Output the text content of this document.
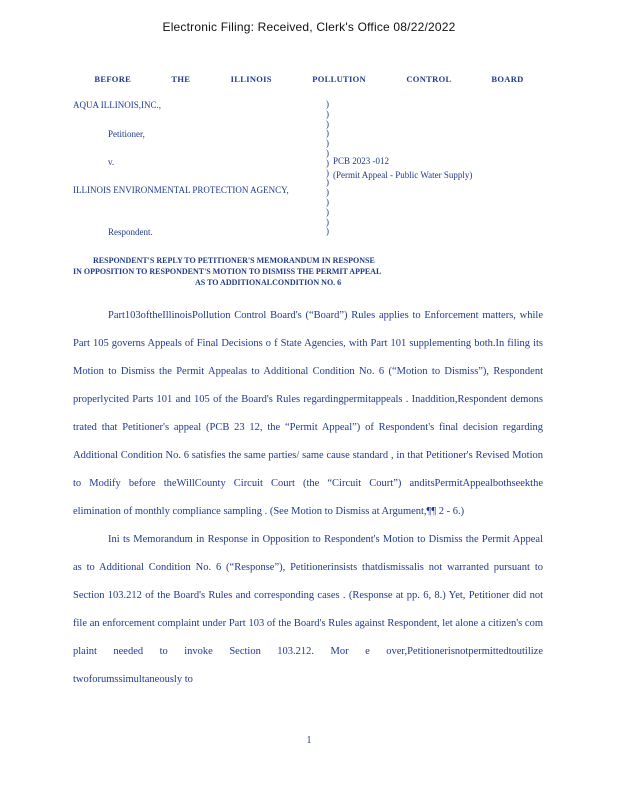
Electronic Filing: Received, Clerk's Office 08/22/2022
BEFORE THE ILLINOIS POLLUTION CONTROL BOARD
AQUA ILLINOIS,INC.,
Petitioner,
v.
ILLINOIS ENVIRONMENTAL PROTECTION AGENCY,
Respondent.
)
)
)
)
)
)
)
)
)
)
)
)
)
)
PCB 2023 -012
(Permit Appeal - Public Water Supply)
RESPONDENT'S REPLY TO PETITIONER'S MEMORANDUM IN RESPONSE
IN OPPOSITION TO RESPONDENT'S MOTION TO DISMISS THE PERMIT APPEAL
AS TO ADDITIONALCONDITION NO. 6

Part103oftheIllinoisPollution Control Board's (“Board”) Rules applies to Enforcement matters, while Part 105 governs Appeals of Final Decisions o f State Agencies, with Part 101 supplementing both.In filing its Motion to Dismiss the Permit Appealas to Additional Condition No. 6 (“Motion to Dismiss”), Respondent properlycited Parts 101 and 105 of the Board's Rules regardingpermitappeals . Inaddition,Respondent demons trated that Petitioner's appeal (PCB 23 12, the “Permit Appeal”) of Respondent's final decision regarding Additional Condition No. 6 satisfies the same parties/ same cause standard , in that Petitioner's Revised Motion to Modify before theWillCounty Circuit Court (the “Circuit Court”) anditsPermitAppealbothseekthe elimination of monthly compliance sampling . (See Motion to Dismiss at Argument,¶¶ 2 - 6.)

Ini ts Memorandum in Response in Opposition to Respondent's Motion to Dismiss the Permit Appeal as to Additional Condition No. 6 (“Response”), Petitionerinsists thatdismissalis not warranted pursuant to Section 103.212 of the Board's Rules and corresponding cases . (Response at pp. 6, 8.) Yet, Petitioner did not file an enforcement complaint under Part 103 of the Board's Rules against Respondent, let alone a citizen's com plaint needed to invoke Section 103.212. Mor e over,Petitionerisnotpermittedtoutilize twoforumssimultaneously to

1
